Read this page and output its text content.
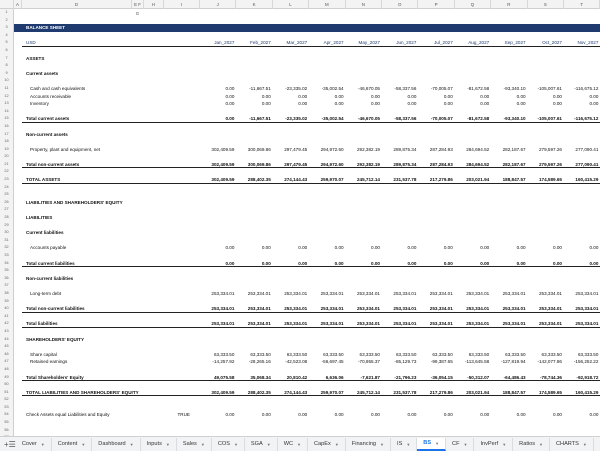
A	D	E F G
H	I	J	K	L	M	N	O	P	Q	R	S	T
1
2
3	BALANCE SHEET
4
5	USD	Jan_2027	Feb_2027	Mar_2027	Apr_2027	May_2027	Jun_2027	Jul_2027	Aug_2027	Sep_2027	Oct_2027	Nov_2027
6
7	ASSETS
8
9	Current assets
10
11	Cash and cash equivalents	0.00	-11,667.51	-23,335.02	-35,002.54	-46,670.05	-58,337.56	-70,005.07	-81,672.58	-93,340.10	-105,007.61	-116,675.12
12	Accounts receivable	0.00	0.00	0.00	0.00	0.00	0.00	0.00	0.00	0.00	0.00	0.00
13	Inventory	0.00	0.00	0.00	0.00	0.00	0.00	0.00	0.00	0.00	0.00	0.00
14
15	Total current assets	0.00	-11,667.51	-23,335.02	-35,002.54	-46,670.05	-58,337.56	-70,005.07	-81,672.58	-93,340.10	-105,007.61	-116,675.12
16
17	Non-current assets
18
19	Property, plant and equipment, net	302,409.59	300,069.86	297,479.45	294,972.60	292,382.19	289,875.34	287,284.93	284,694.52	282,187.67	279,597.26	277,090.41
20
21	Total non-current assets	302,409.59	300,069.86	297,479.45	294,972.60	292,382.19	289,875.34	287,284.93	284,694.52	282,187.67	279,597.26	277,090.41
22
23	TOTAL ASSETS	302,409.59	288,402.35	274,144.43	259,970.07	245,712.14	231,537.78	217,279.86	203,021.94	188,847.57	174,589.65	160,415.29
24
25
26	LIABILITIES AND SHAREHOLDERS' EQUITY
27
28	LIABILITIES
29
30	Current liabilities
31
32	Accounts payable	0.00	0.00	0.00	0.00	0.00	0.00	0.00	0.00	0.00	0.00	0.00
33
34	Total current liabilities	0.00	0.00	0.00	0.00	0.00	0.00	0.00	0.00	0.00	0.00	0.00
35
36	Non-current liabilities
37
38	Long-term debt	253,334.01	253,334.01	253,334.01	253,334.01	253,334.01	253,334.01	253,334.01	253,334.01	253,334.01	253,334.01	253,334.01
39
40	Total non-current liabilities	253,334.01	253,334.01	253,334.01	253,334.01	253,334.01	253,334.01	253,334.01	253,334.01	253,334.01	253,334.01	253,334.01
41
42	Total liabilities	253,334.01	253,334.01	253,334.01	253,334.01	253,334.01	253,334.01	253,334.01	253,334.01	253,334.01	253,334.01	253,334.01
43
44	SHAREHOLDERS' EQUITY
45
46	Share capital	63,333.50	63,333.50	63,333.50	63,333.50	63,333.50	63,333.50	63,333.50	63,333.50	63,333.50	63,333.50	63,333.50
47	Retained earnings	-14,257.92	-28,265.16	-42,523.08	-56,697.45	-70,955.37	-85,129.73	-99,387.65	-113,645.58	-127,819.94	-142,077.86	-156,252.22
48
49	Total Shareholders' Equity	49,075.58	35,068.34	20,810.42	6,636.06	-7,621.87	-21,796.23	-36,054.15	-50,312.07	-64,486.43	-78,744.36	-92,918.72
50
51	TOTAL LIABILITIES AND SHAREHOLDERS' EQUITY	302,409.59	288,402.35	274,144.43	259,970.07	245,712.14	231,537.78	217,279.86	203,021.94	188,847.57	174,589.65	160,415.29
52
53
54	Check Assets equal Liabilities and Equity	TRUE	0.00	0.00	0.00	0.00	0.00	0.00	0.00	0.00	0.00	0.00	0.00
55
56
+ ☰ Cover ▼ Content ▼ Dashboard ▼ Inputs ▼ Sales ▼ COS ▼ SGA ▼ WC ▼ CapEx ▼ Financing ▼ IS ▼ BS ▼ CF ▼ InvPerf ▼ Ratios ▼ CHARTS ▼
